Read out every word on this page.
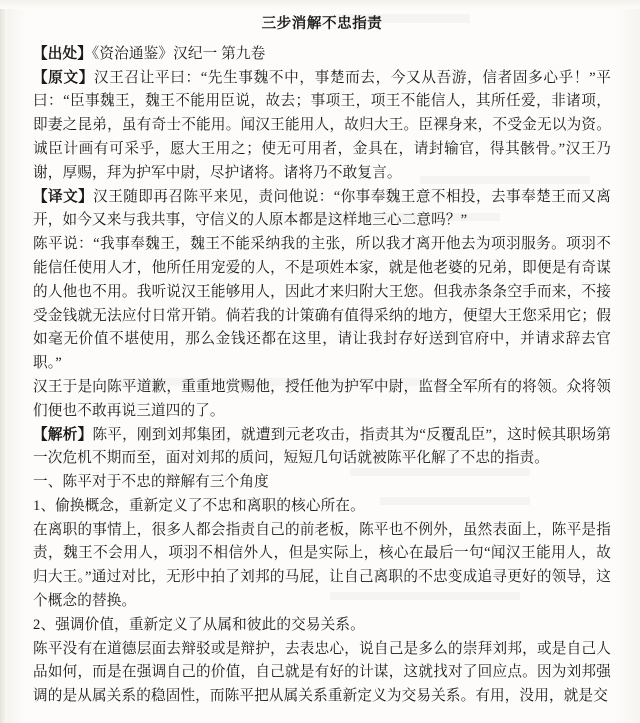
三步消解不忠指责

【出处】《资治通鉴》汉纪一 第九卷

【原文】汉王召让平曰：“先生事魏不中，事楚而去，今又从吾游，信者固多心乎！”平曰：“臣事魏王，魏王不能用臣说，故去；事项王，项王不能信人，其所任爱，非诸项，即妻之昆弟，虽有奇士不能用。闻汉王能用人，故归大王。臣裸身来，不受金无以为资。诚臣计画有可采乎，愿大王用之；使无可用者，金具在，请封输官，得其骸骨。”汉王乃谢，厚赐，拜为护军中尉，尽护诸将。诸将乃不敢复言。

【译文】汉王随即再召陈平来见，责问他说：“你事奉魏王意不相投，去事奉楚王而又离开，如今又来与我共事，守信义的人原本都是这样地三心二意吗？”

陈平说：“我事奉魏王，魏王不能采纳我的主张，所以我才离开他去为项羽服务。项羽不能信任使用人才，他所任用宠爱的人，不是项姓本家，就是他老婆的兄弟，即便是有奇谋的人他也不用。我听说汉王能够用人，因此才来归附大王您。但我赤条条空手而来，不接受金钱就无法应付日常开销。倘若我的计策确有值得采纳的地方，便望大王您采用它；假如毫无价值不堪使用，那么金钱还都在这里，请让我封存好送到官府中，并请求辞去官职。”

汉王于是向陈平道歉，重重地赏赐他，授任他为护军中尉，监督全军所有的将领。众将领们便也不敢再说三道四的了。

【解析】陈平，刚到刘邦集团，就遭到元老攻击，指责其为“反覆乱臣”，这时候其职场第一次危机不期而至，面对刘邦的质问，短短几句话就被陈平化解了不忠的指责。

一、陈平对于不忠的辩解有三个角度

1、偷换概念，重新定义了不忠和离职的核心所在。

在离职的事情上，很多人都会指责自己的前老板，陈平也不例外，虽然表面上，陈平是指责，魏王不会用人，项羽不相信外人，但是实际上，核心在最后一句“闻汉王能用人，故归大王。”通过对比，无形中拍了刘邦的马屁，让自己离职的不忠变成追寻更好的领导，这个概念的替换。

2、强调价值，重新定义了从属和彼此的交易关系。

陈平没有在道德层面去辩驳或是辩护，去表忠心，说自己是多么的崇拜刘邦，或是自己人品如何，而是在强调自己的价值，自己就是有好的计谋，这就找对了回应点。因为刘邦强调的是从属关系的稳固性，而陈平把从属关系重新定义为交易关系。有用，没用，就是交
